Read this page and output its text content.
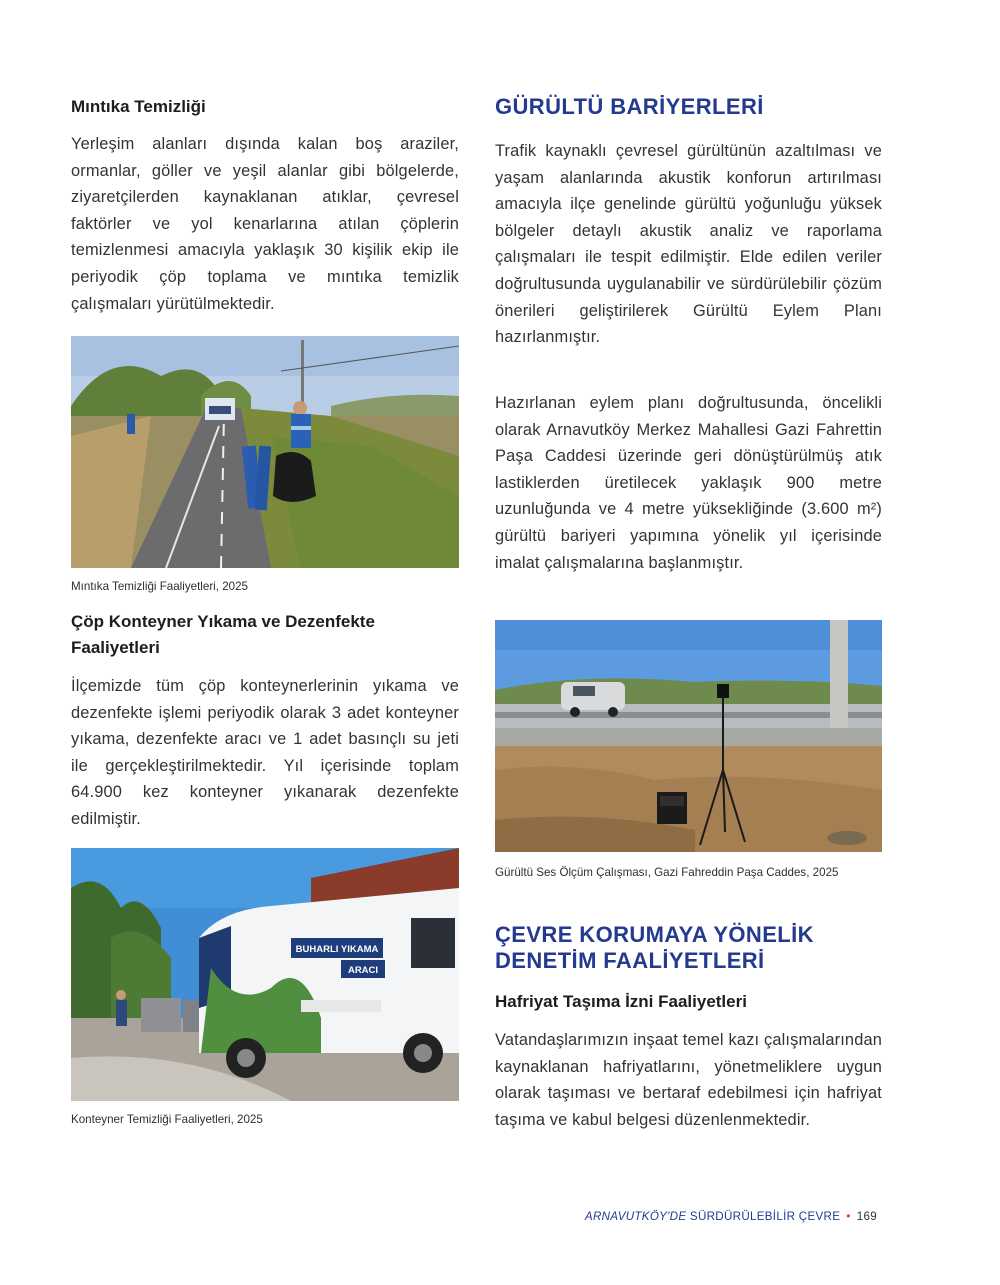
Mıntıka Temizliği

Yerleşim alanları dışında kalan boş araziler, ormanlar, göller ve yeşil alanlar gibi bölgelerde, ziyaretçilerden kaynaklanan atıklar, çevresel faktörler ve yol kenarlarına atılan çöplerin temizlenmesi amacıyla yaklaşık 30 kişilik ekip ile periyodik çöp toplama ve mıntıka temizlik çalışmaları yürütülmektedir.

Mıntıka Temizliği Faaliyetleri, 2025
Çöp Konteyner Yıkama ve Dezenfekte Faaliyetleri

İlçemizde tüm çöp konteynerlerinin yıkama ve dezenfekte işlemi periyodik olarak 3 adet konteyner yıkama, dezenfekte aracı ve 1 adet basınçlı su jeti ile gerçekleştirilmektedir. Yıl içerisinde toplam 64.900 kez konteyner yıkanarak dezenfekte edilmiştir.

BUHARLI YIKAMA
ARACI
Konteyner Temizliği Faaliyetleri, 2025
GÜRÜLTÜ BARİYERLERİ

Trafik kaynaklı çevresel gürültünün azaltılması ve yaşam alanlarında akustik konforun artırılması amacıyla ilçe genelinde gürültü yoğunluğu yüksek bölgeler detaylı akustik analiz ve raporlama çalışmaları ile tespit edilmiştir. Elde edilen veriler doğrultusunda uygulanabilir ve sürdürülebilir çözüm önerileri geliştirilerek Gürültü Eylem Planı hazırlanmıştır.

Hazırlanan eylem planı doğrultusunda, öncelikli olarak Arnavutköy Merkez Mahallesi Gazi Fahrettin Paşa Caddesi üzerinde geri dönüştürülmüş atık lastiklerden üretilecek yaklaşık 900 metre uzunluğunda ve 4 metre yüksekliğinde (3.600 m²) gürültü bariyeri yapımına yönelik yıl içerisinde imalat çalışmalarına başlanmıştır.

Gürültü Ses Ölçüm Çalışması, Gazi Fahreddin Paşa Caddes, 2025
ÇEVRE KORUMAYA YÖNELİK
DENETİM FAALİYETLERİ
Hafriyat Taşıma İzni Faaliyetleri

Vatandaşlarımızın inşaat temel kazı çalışmalarından kaynaklanan hafriyatlarını, yönetmeliklere uygun olarak taşıması ve bertaraf edebilmesi için hafriyat taşıma ve kabul belgesi düzenlenmektedir.

ARNAVUTKÖY'DE SÜRDÜRÜLEBİLİR ÇEVRE • 169
